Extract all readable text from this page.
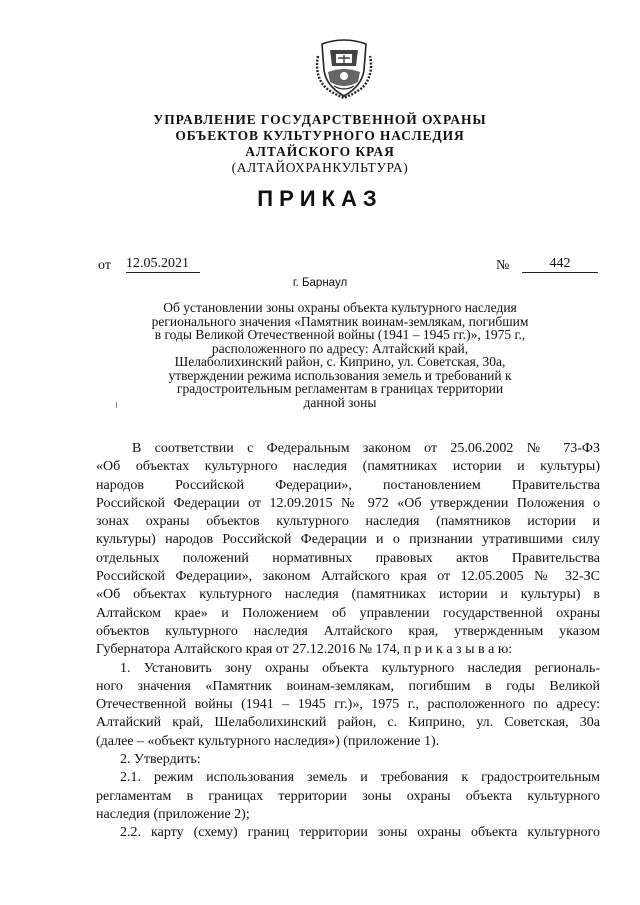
УПРАВЛЕНИЕ ГОСУДАРСТВЕННОЙ ОХРАНЫ
ОБЪЕКТОВ КУЛЬТУРНОГО НАСЛЕДИЯ
АЛТАЙСКОГО КРАЯ
(АЛТАЙОХРАНКУЛЬТУРА)
ПРИКАЗ
от 12.05.2021	№	442
г. Барнаул
Об установлении зоны охраны объекта культурного наследия
регионального значения «Памятник воинам-землякам, погибшим
в годы Великой Отечественной войны (1941 – 1945 гг.)», 1975 г.,
расположенного по адресу: Алтайский край,
Шелаболихинский район, с. Киприно, ул. Советская, 30а,
утверждении режима использования земель и требований к
градостроительным регламентам в границах территории
данной зоны
В соответствии с Федеральным законом от 25.06.2002 № 73-ФЗ
«Об объектах культурного наследия (памятниках истории и культуры)
народов Российской Федерации», постановлением Правительства
Российской Федерации от 12.09.2015 № 972 «Об утверждении Положения о
зонах охраны объектов культурного наследия (памятников истории и
культуры) народов Российской Федерации и о признании утратившими силу
отдельных положений нормативных правовых актов Правительства
Российской Федерации», законом Алтайского края от 12.05.2005 № 32-ЗС
«Об объектах культурного наследия (памятниках истории и культуры) в
Алтайском крае» и Положением об управлении государственной охраны
объектов культурного наследия Алтайского края, утвержденным указом
Губернатора Алтайского края от 27.12.2016 № 174, п р и к а з ы в а ю:
1. Установить зону охраны объекта культурного наследия региональ-
ного значения «Памятник воинам-землякам, погибшим в годы Великой
Отечественной войны (1941 – 1945 гг.)», 1975 г., расположенного по адресу:
Алтайский край, Шелаболихинский район, с. Киприно, ул. Советская, 30а
(далее – «объект культурного наследия») (приложение 1).
2. Утвердить:
2.1. режим использования земель и требования к градостроительным
регламентам в границах территории зоны охраны объекта культурного
наследия (приложение 2);
2.2. карту (схему) границ территории зоны охраны объекта культурного
